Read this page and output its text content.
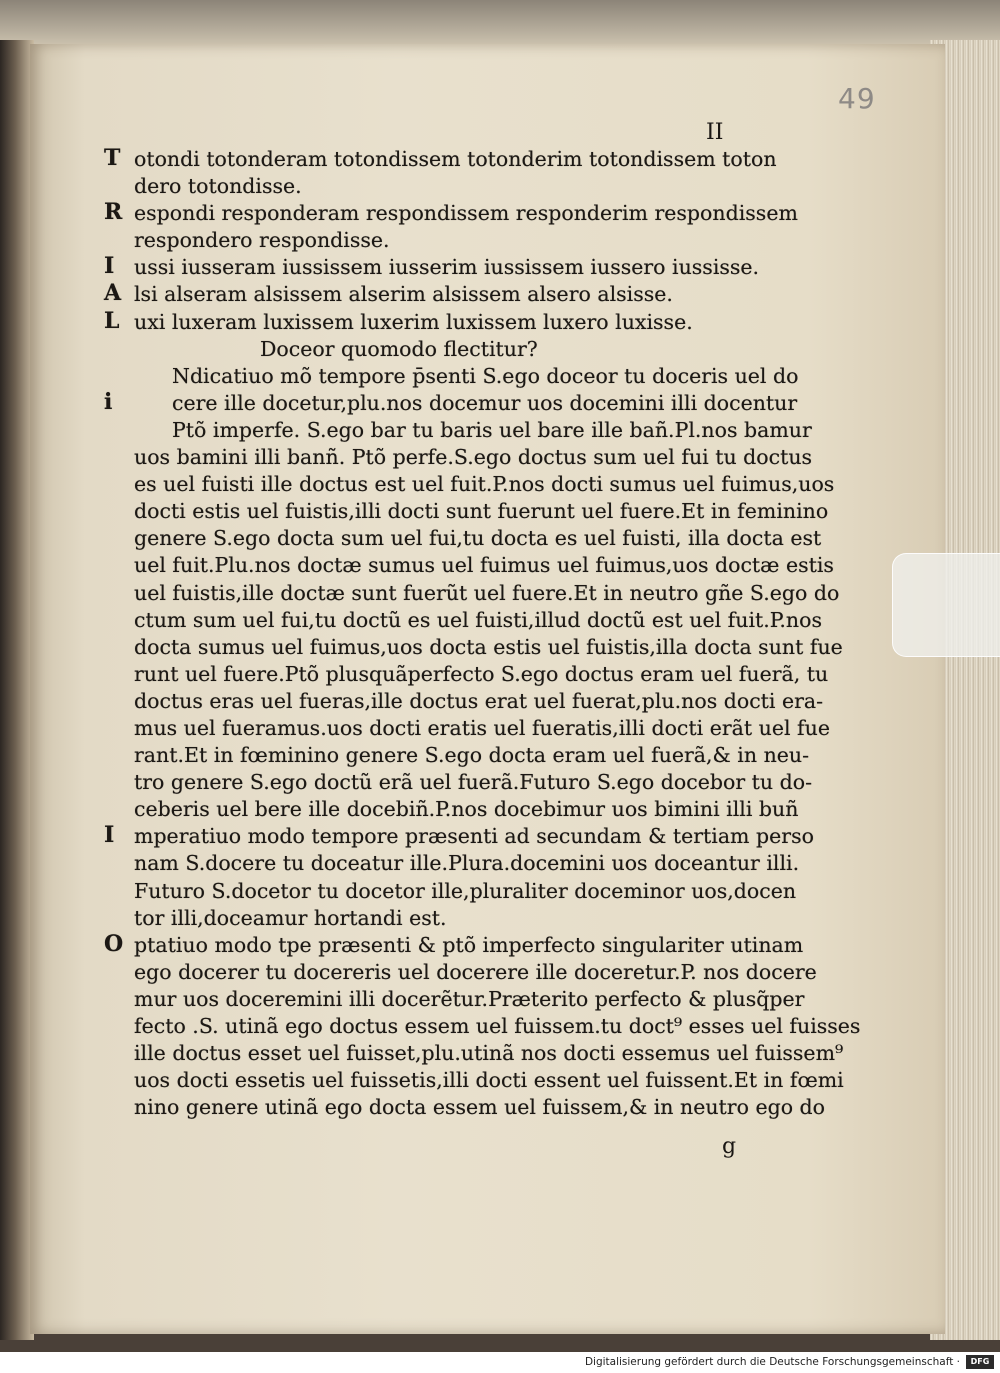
49
II
T otondi totonderam totondissem totonderim totondissem toton
dero totondisse.
R espondi responderam respondissem responderim respondissem
respondero respondisse.
I ussi iusseram iussissem iusserim iussissem iussero iussisse.
A lsi alseram alsissem alserim alsissem alsero alsisse.
L uxi luxeram luxissem luxerim luxissem luxero luxisse.
Doceor quomodo flectitur?
Ndicatiuo mõ tempore p̄senti S.ego doceor tu doceris uel do
i	cere ille docetur,plu.nos docemur uos docemini illi docentur
Ptõ imperfe. S.ego bar tu baris uel bare ille bañ.Pl.nos bamur
uos bamini illi banñ. Ptõ perfe.S.ego doctus sum uel fui tu doctus
es uel fuisti ille doctus est uel fuit.P.nos docti sumus uel fuimus,uos
docti estis uel fuistis,illi docti sunt fuerunt uel fuere.Et in feminino
genere S.ego docta sum uel fui,tu docta es uel fuisti, illa docta est
uel fuit.Plu.nos doctæ sumus uel fuimus uel fuimus,uos doctæ estis
uel fuistis,ille doctæ sunt fuerũt uel fuere.Et in neutro gñe S.ego do
ctum sum uel fui,tu doctũ es uel fuisti,illud doctũ est uel fuit.P.nos
docta sumus uel fuimus,uos docta estis uel fuistis,illa docta sunt fue
runt uel fuere.Ptõ plusquãperfecto S.ego doctus eram uel fuerã, tu
doctus eras uel fueras,ille doctus erat uel fuerat,plu.nos docti era-
mus uel fueramus.uos docti eratis uel fueratis,illi docti erãt uel fue
rant.Et in fœminino genere S.ego docta eram uel fuerã,& in neu-
tro genere S.ego doctũ erã uel fuerã.Futuro S.ego docebor tu do-
ceberis uel bere ille docebiñ.P.nos docebimur uos bimini illi buñ
I mperatiuo modo tempore præsenti ad secundam & tertiam perso
nam S.docere tu doceatur ille.Plura.docemini uos doceantur illi.
Futuro S.docetor tu docetor ille,pluraliter doceminor uos,docen
tor illi,doceamur hortandi est.
O ptatiuo modo tpe præsenti & ptõ imperfecto singulariter utinam
ego docerer tu docereris uel docerere ille doceretur.P. nos docere
mur uos doceremini illi docerẽtur.Præterito perfecto & plusq̃per
fecto .S. utinã ego doctus essem uel fuissem.tu doct⁹ esses uel fuisses
ille doctus esset uel fuisset,plu.utinã nos docti essemus uel fuissem⁹
uos docti essetis uel fuissetis,illi docti essent uel fuissent.Et in fœmi
nino genere utinã ego docta essem uel fuissem,& in neutro ego do
g
Digitalisierung gefördert durch die Deutsche Forschungsgemeinschaft ·	DFG
